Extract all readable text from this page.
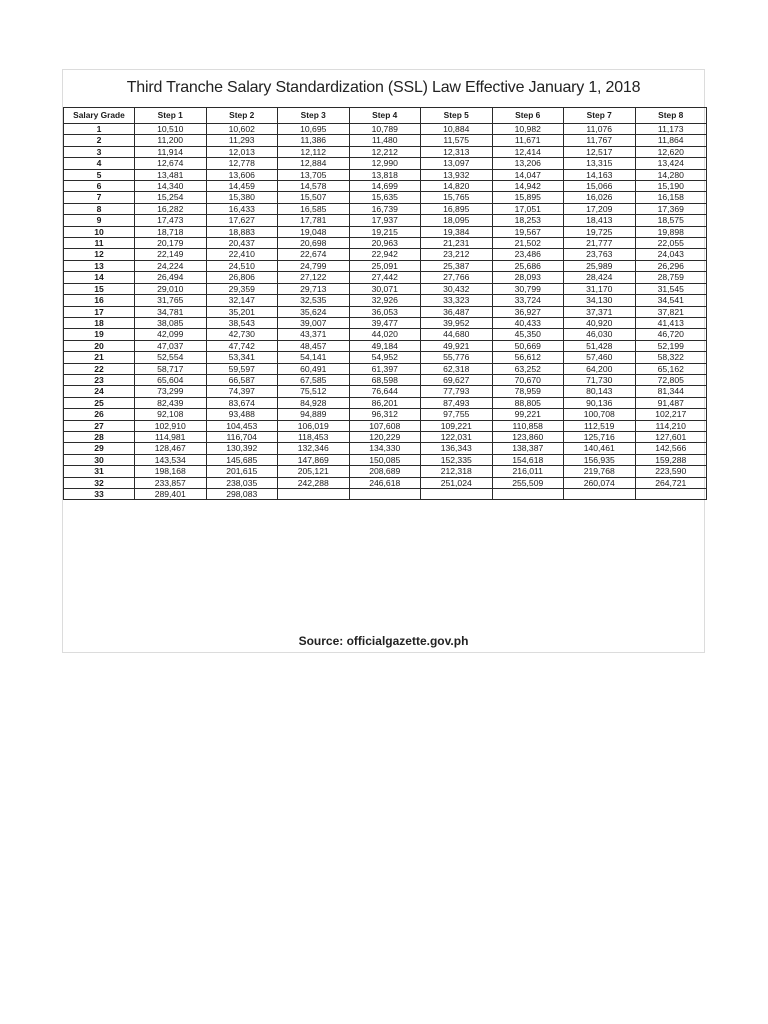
Third Tranche Salary Standardization (SSL) Law Effective January 1, 2018
Salary Grade	Step 1	Step 2	Step 3	Step 4	Step 5	Step 6	Step 7	Step 8
1	10,510	10,602	10,695	10,789	10,884	10,982	11,076	11,173
2	11,200	11,293	11,386	11,480	11,575	11,671	11,767	11,864
3	11,914	12,013	12,112	12,212	12,313	12,414	12,517	12,620
4	12,674	12,778	12,884	12,990	13,097	13,206	13,315	13,424
5	13,481	13,606	13,705	13,818	13,932	14,047	14,163	14,280
6	14,340	14,459	14,578	14,699	14,820	14,942	15,066	15,190
7	15,254	15,380	15,507	15,635	15,765	15,895	16,026	16,158
8	16,282	16,433	16,585	16,739	16,895	17,051	17,209	17,369
9	17,473	17,627	17,781	17,937	18,095	18,253	18,413	18,575
10	18,718	18,883	19,048	19,215	19,384	19,567	19,725	19,898
11	20,179	20,437	20,698	20,963	21,231	21,502	21,777	22,055
12	22,149	22,410	22,674	22,942	23,212	23,486	23,763	24,043
13	24,224	24,510	24,799	25,091	25,387	25,686	25,989	26,296
14	26,494	26,806	27,122	27,442	27,766	28,093	28,424	28,759
15	29,010	29,359	29,713	30,071	30,432	30,799	31,170	31,545
16	31,765	32,147	32,535	32,926	33,323	33,724	34,130	34,541
17	34,781	35,201	35,624	36,053	36,487	36,927	37,371	37,821
18	38,085	38,543	39,007	39,477	39,952	40,433	40,920	41,413
19	42,099	42,730	43,371	44,020	44,680	45,350	46,030	46,720
20	47,037	47,742	48,457	49,184	49,921	50,669	51,428	52,199
21	52,554	53,341	54,141	54,952	55,776	56,612	57,460	58,322
22	58,717	59,597	60,491	61,397	62,318	63,252	64,200	65,162
23	65,604	66,587	67,585	68,598	69,627	70,670	71,730	72,805
24	73,299	74,397	75,512	76,644	77,793	78,959	80,143	81,344
25	82,439	83,674	84,928	86,201	87,493	88,805	90,136	91,487
26	92,108	93,488	94,889	96,312	97,755	99,221	100,708	102,217
27	102,910	104,453	106,019	107,608	109,221	110,858	112,519	114,210
28	114,981	116,704	118,453	120,229	122,031	123,860	125,716	127,601
29	128,467	130,392	132,346	134,330	136,343	138,387	140,461	142,566
30	143,534	145,685	147,869	150,085	152,335	154,618	156,935	159,288
31	198,168	201,615	205,121	208,689	212,318	216,011	219,768	223,590
32	233,857	238,035	242,288	246,618	251,024	255,509	260,074	264,721
33	289,401	298,083						
Source: officialgazette.gov.ph
